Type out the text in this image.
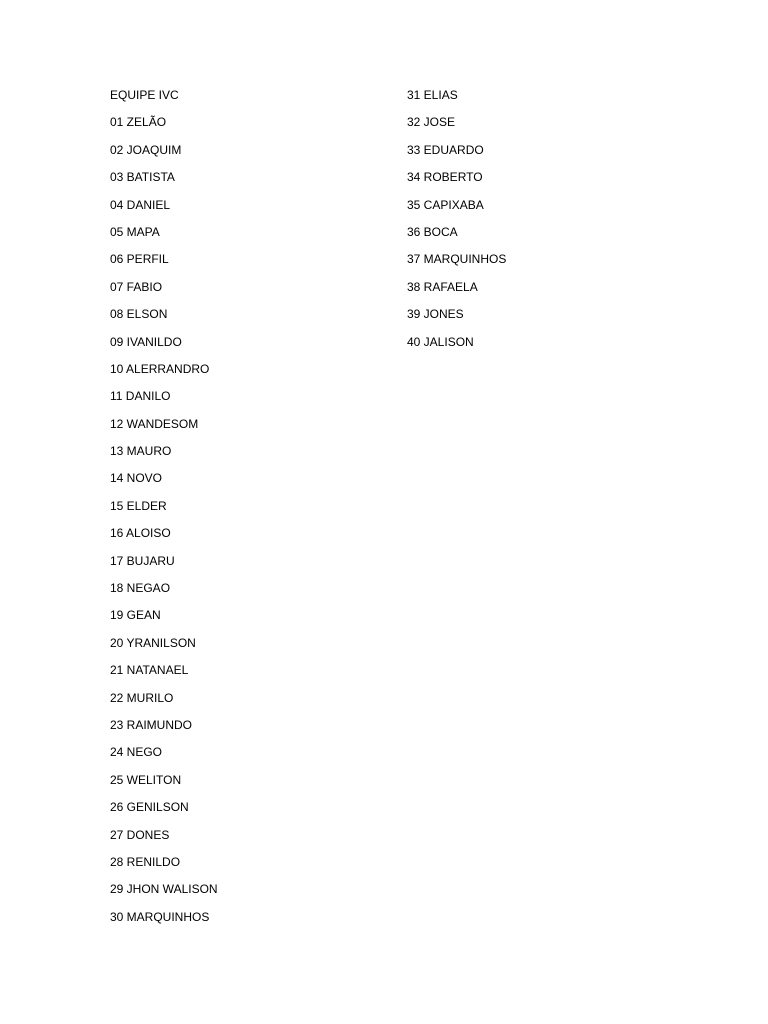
EQUIPE IVC
01 ZELÃO
02 JOAQUIM
03 BATISTA
04 DANIEL
05 MAPA
06 PERFIL
07 FABIO
08 ELSON
09 IVANILDO
10 ALERRANDRO
11 DANILO
12 WANDESOM
13 MAURO
14 NOVO
15 ELDER
16 ALOISO
17 BUJARU
18 NEGAO
19 GEAN
20 YRANILSON
21 NATANAEL
22 MURILO
23 RAIMUNDO
24 NEGO
25 WELITON
26 GENILSON
27 DONES
28 RENILDO
29 JHON WALISON
30 MARQUINHOS
31 ELIAS
32 JOSE
33 EDUARDO
34 ROBERTO
35 CAPIXABA
36 BOCA
37 MARQUINHOS
38 RAFAELA
39 JONES
40 JALISON
